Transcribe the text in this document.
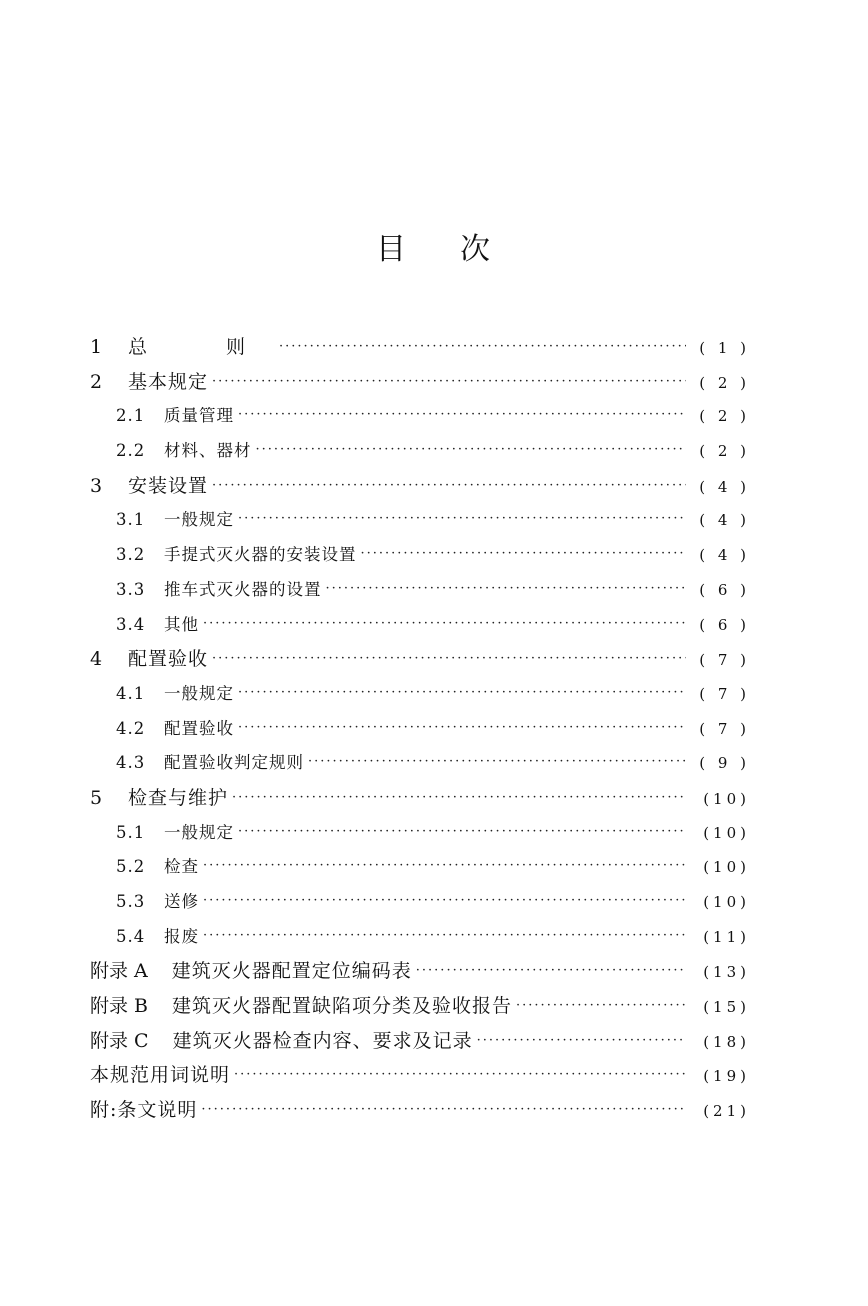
目 次
1	总　则 ·····	( 1 )
2	基本规定 ·····	( 2 )
2.1	质量管理 ·····	( 2 )
2.2	材料、器材 ·····	( 2 )
3	安装设置 ·····	( 4 )
3.1	一般规定 ·····	( 4 )
3.2	手提式灭火器的安装设置 ·····	( 4 )
3.3	推车式灭火器的设置 ·····	( 6 )
3.4	其他 ·····	( 6 )
4	配置验收 ·····	( 7 )
4.1	一般规定 ·····	( 7 )
4.2	配置验收 ·····	( 7 )
4.3	配置验收判定规则 ·····	( 9 )
5	检查与维护 ·····	(10)
5.1	一般规定 ·····	(10)
5.2	检查 ·····	(10)
5.3	送修 ·····	(10)
5.4	报废 ·····	(11)
附录 A 建筑灭火器配置定位编码表 ·····	(13)
附录 B 建筑灭火器配置缺陷项分类及验收报告 ·····	(15)
附录 C 建筑灭火器检查内容、要求及记录 ·····	(18)
本规范用词说明 ·····	(19)
附:条文说明 ·····	(21)
